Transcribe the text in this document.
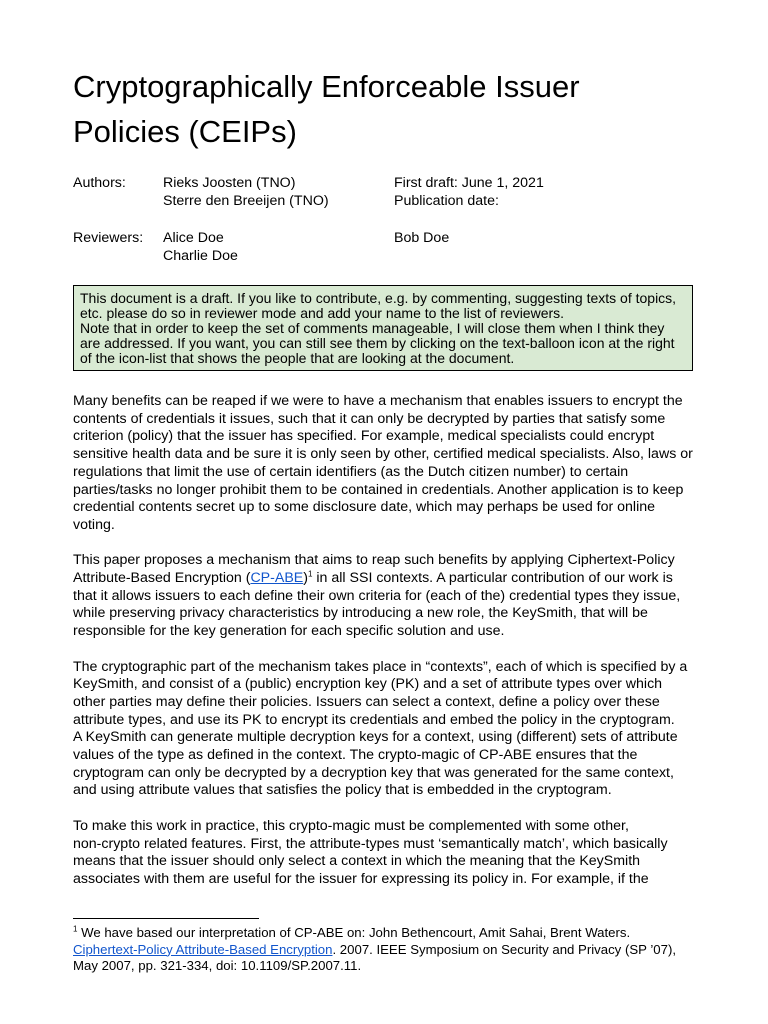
Cryptographically Enforceable Issuer Policies (CEIPs)
Authors:	Rieks Joosten (TNO)
Sterre den Breeijen (TNO)
First draft: June 1, 2021
Publication date:
Reviewers: Alice Doe
Charlie Doe
Bob Doe
This document is a draft. If you like to contribute, e.g. by commenting, suggesting texts of topics, etc. please do so in reviewer mode and add your name to the list of reviewers.
Note that in order to keep the set of comments manageable, I will close them when I think they are addressed. If you want, you can still see them by clicking on the text-balloon icon at the right of the icon-list that shows the people that are looking at the document.

Many benefits can be reaped if we were to have a mechanism that enables issuers to encrypt the contents of credentials it issues, such that it can only be decrypted by parties that satisfy some criterion (policy) that the issuer has specified. For example, medical specialists could encrypt sensitive health data and be sure it is only seen by other, certified medical specialists. Also, laws or regulations that limit the use of certain identifiers (as the Dutch citizen number) to certain parties/tasks no longer prohibit them to be contained in credentials. Another application is to keep credential contents secret up to some disclosure date, which may perhaps be used for online voting.

This paper proposes a mechanism that aims to reap such benefits by applying Ciphertext-Policy Attribute-Based Encryption $(CP-ABE)^1$ in all SSI contexts. A particular contribution of our work is that it allows issuers to each define their own criteria for (each of the) credential types they issue, while preserving privacy characteristics by introducing a new role, the KeySmith, that will be responsible for the key generation for each specific solution and use.

The cryptographic part of the mechanism takes place in “contexts”, each of which is specified by a KeySmith, and consist of a (public) encryption key (PK) and a set of attribute types over which other parties may define their policies. Issuers can select a context, define a policy over these attribute types, and use its PK to encrypt its credentials and embed the policy in the cryptogram.
A KeySmith can generate multiple decryption keys for a context, using (different) sets of attribute values of the type as defined in the context. The crypto-magic of CP-ABE ensures that the cryptogram can only be decrypted by a decryption key that was generated for the same context, and using attribute values that satisfies the policy that is embedded in the cryptogram.

To make this work in practice, this crypto-magic must be complemented with some other,
non-crypto related features. First, the attribute-types must ‘semantically match’, which basically means that the issuer should only select a context in which the meaning that the KeySmith associates with them are useful for the issuer for expressing its policy in. For example, if the

$^1$ We have based our interpretation of CP-ABE on: John Bethencourt, Amit Sahai, Brent Waters. Ciphertext-Policy Attribute-Based Encryption. 2007. IEEE Symposium on Security and Privacy (SP ’07), May 2007, pp. 321-334, doi: 10.1109/SP.2007.11.
